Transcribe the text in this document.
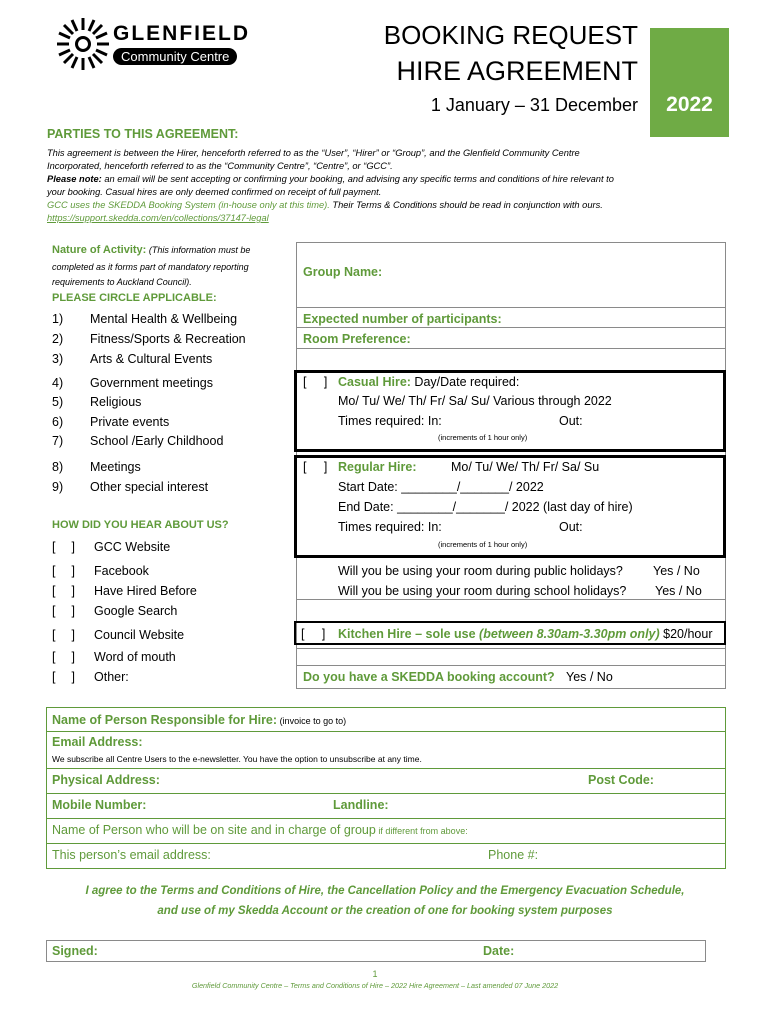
GLENFIELD
Community Centre
BOOKING REQUEST
HIRE AGREEMENT
1 January – 31 December	2022
PARTIES TO THIS AGREEMENT:
This agreement is between the Hirer, henceforth referred to as the “User”, “Hirer” or “Group”, and the Glenfield Community Centre
Incorporated, henceforth referred to as the “Community Centre”, “Centre”, or “GCC”.
Please note: an email will be sent accepting or confirming your booking, and advising any specific terms and conditions of hire relevant to
your booking. Casual hires are only deemed confirmed on receipt of full payment.
GCC uses the SKEDDA Booking System (in-house only at this time). Their Terms & Conditions should be read in conjunction with ours.
https://support.skedda.com/en/collections/37147-legal
Nature of Activity: (This information must be
completed as it forms part of mandatory reporting
requirements to Auckland Council).
PLEASE CIRCLE APPLICABLE:
1) Mental Health & Wellbeing
2) Fitness/Sports & Recreation
3) Arts & Cultural Events
4) Government meetings
5) Religious
6) Private events
7) School /Early Childhood
8) Meetings
9) Other special interest
HOW DID YOU HEAR ABOUT US?
[ ] GCC Website
[ ] Facebook
[ ] Have Hired Before
[ ] Google Search
[ ] Council Website
[ ] Word of mouth
[ ] Other:
Group Name:
Expected number of participants:
Room Preference:
[     ] Casual Hire: Day/Date required:
Mo/ Tu/ We/ Th/ Fr/ Sa/ Su/ Various through 2022
Times required: In:	Out:
(increments of 1 hour only)
[     ] Regular Hire:	Mo/ Tu/ We/ Th/ Fr/ Sa/ Su
Start Date: ________/_______/ 2022
End Date: ________/_______/ 2022 (last day of hire)
Times required: In:	Out:
(increments of 1 hour only)
Will you be using your room during public holidays? Yes / No
Will you be using your room during school holidays? Yes / No
[     ] Kitchen Hire – sole use (between 8.30am-3.30pm only) $20/hour
Do you have a SKEDDA booking account? Yes / No
Name of Person Responsible for Hire: (invoice to go to)
Email Address:
We subscribe all Centre Users to the e-newsletter. You have the option to unsubscribe at any time.
Physical Address:	Post Code:
Mobile Number:	Landline:
Name of Person who will be on site and in charge of group if different from above:
This person’s email address:	Phone #:
I agree to the Terms and Conditions of Hire, the Cancellation Policy and the Emergency Evacuation Schedule,
and use of my Skedda Account or the creation of one for booking system purposes
Signed:	Date:
1
Glenfield Community Centre – Terms and Conditions of Hire – 2022 Hire Agreement – Last amended 07 June 2022
